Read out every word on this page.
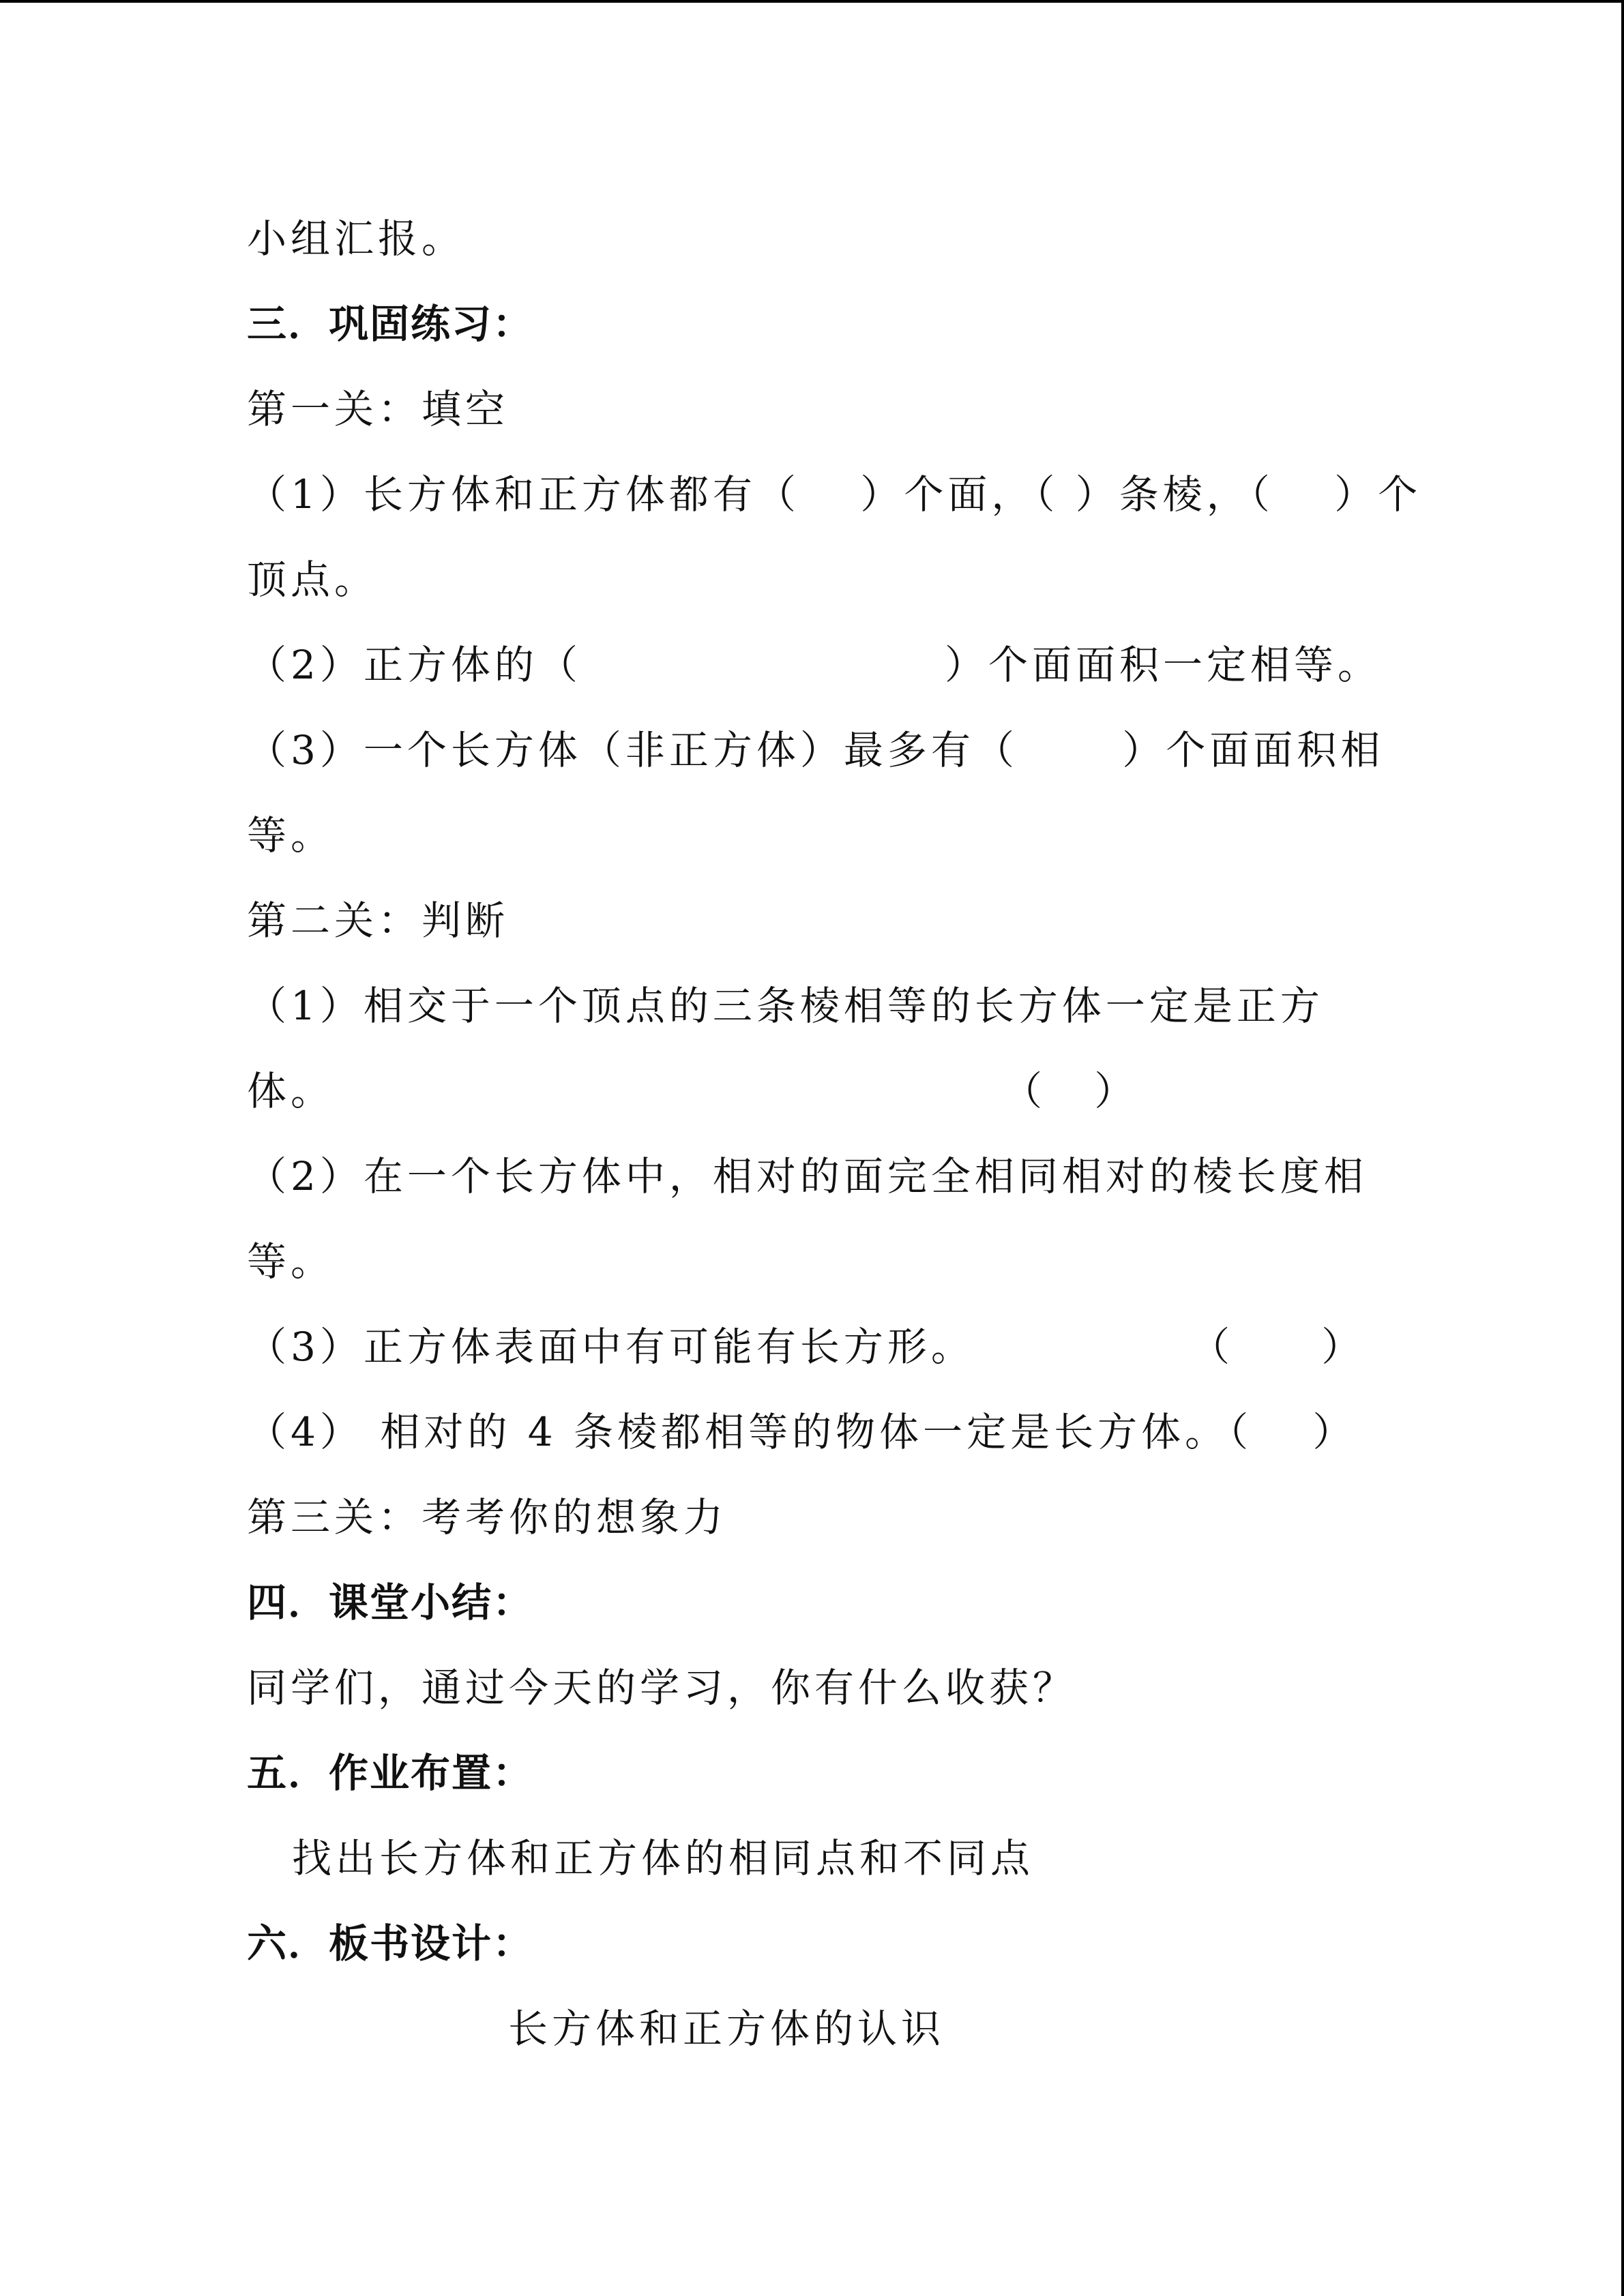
小组汇报。
三．巩固练习：
第一关：填空
（1）长方体和正方体都有（　 ）个面，（ ）条棱，（　 ）个
顶点。
（2）正方体的（	）个面面积一定相等。
（3）一个长方体（非正方体）最多有（　　 ）个面面积相
等。
第二关：判断
（1）相交于一个顶点的三条棱相等的长方体一定是正方
体。	（　 ）
（2）在一个长方体中，相对的面完全相同相对的棱长度相
等。
（3）正方体表面中有可能有长方形。	（　　 ）
（4） 相对的 4 条棱都相等的物体一定是长方体。（　 ）
第三关：考考你的想象力
四．课堂小结：
同学们，通过今天的学习，你有什么收获？
五．作业布置：
找出长方体和正方体的相同点和不同点
六．板书设计：
长方体和正方体的认识
